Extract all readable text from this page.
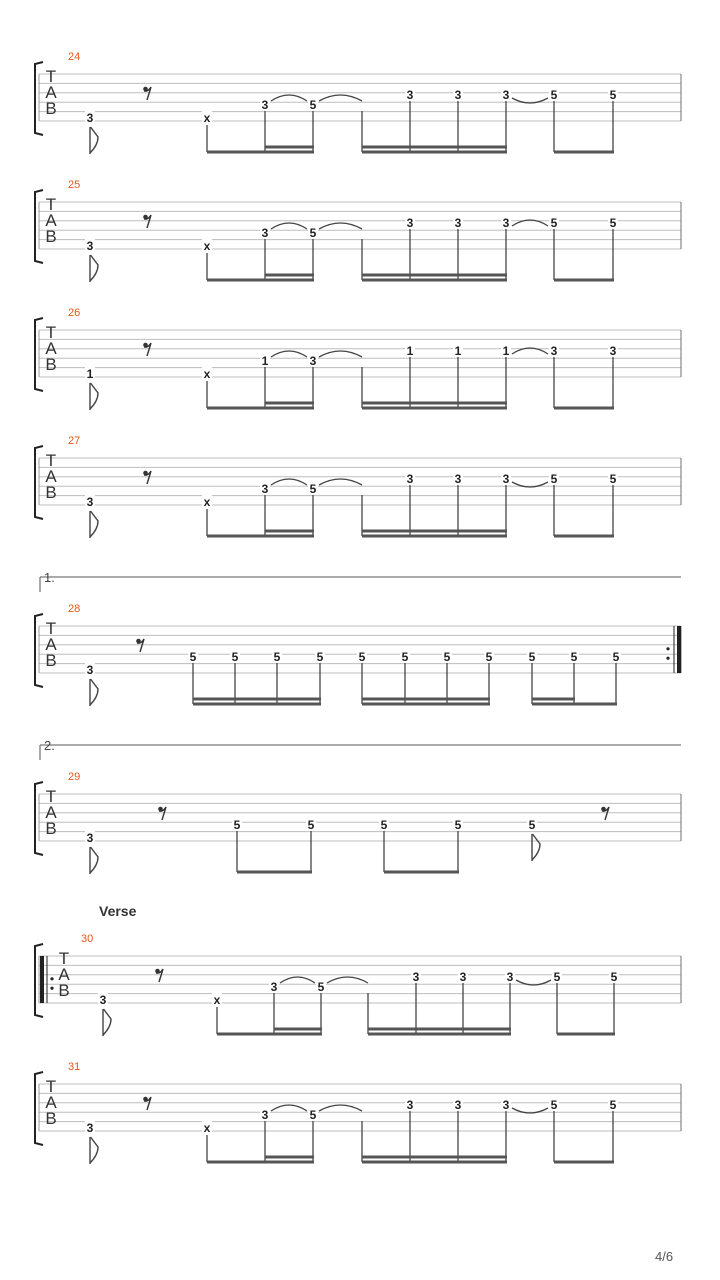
T
A
B
24
3	x
3	5
3	3	3	5	5
T
A
B
25
3	x
3	5
3	3	3	5	5
T
A
B
26
1	x
1	3
1	1	1	3	3
T
A
B
27
3	x
3	5
3	3	3	5	5
1.
T
A
B
28
3
5	5	5	5	5	5	5	5	5	5	5
2.
T
A
B
29
3
5	5	5	5	5
T
A
B
30
3	x
3	5
3	3	3	5	5
T
A
B
31
3	x
3	5
3	3	3	5	5
Verse
4/6
